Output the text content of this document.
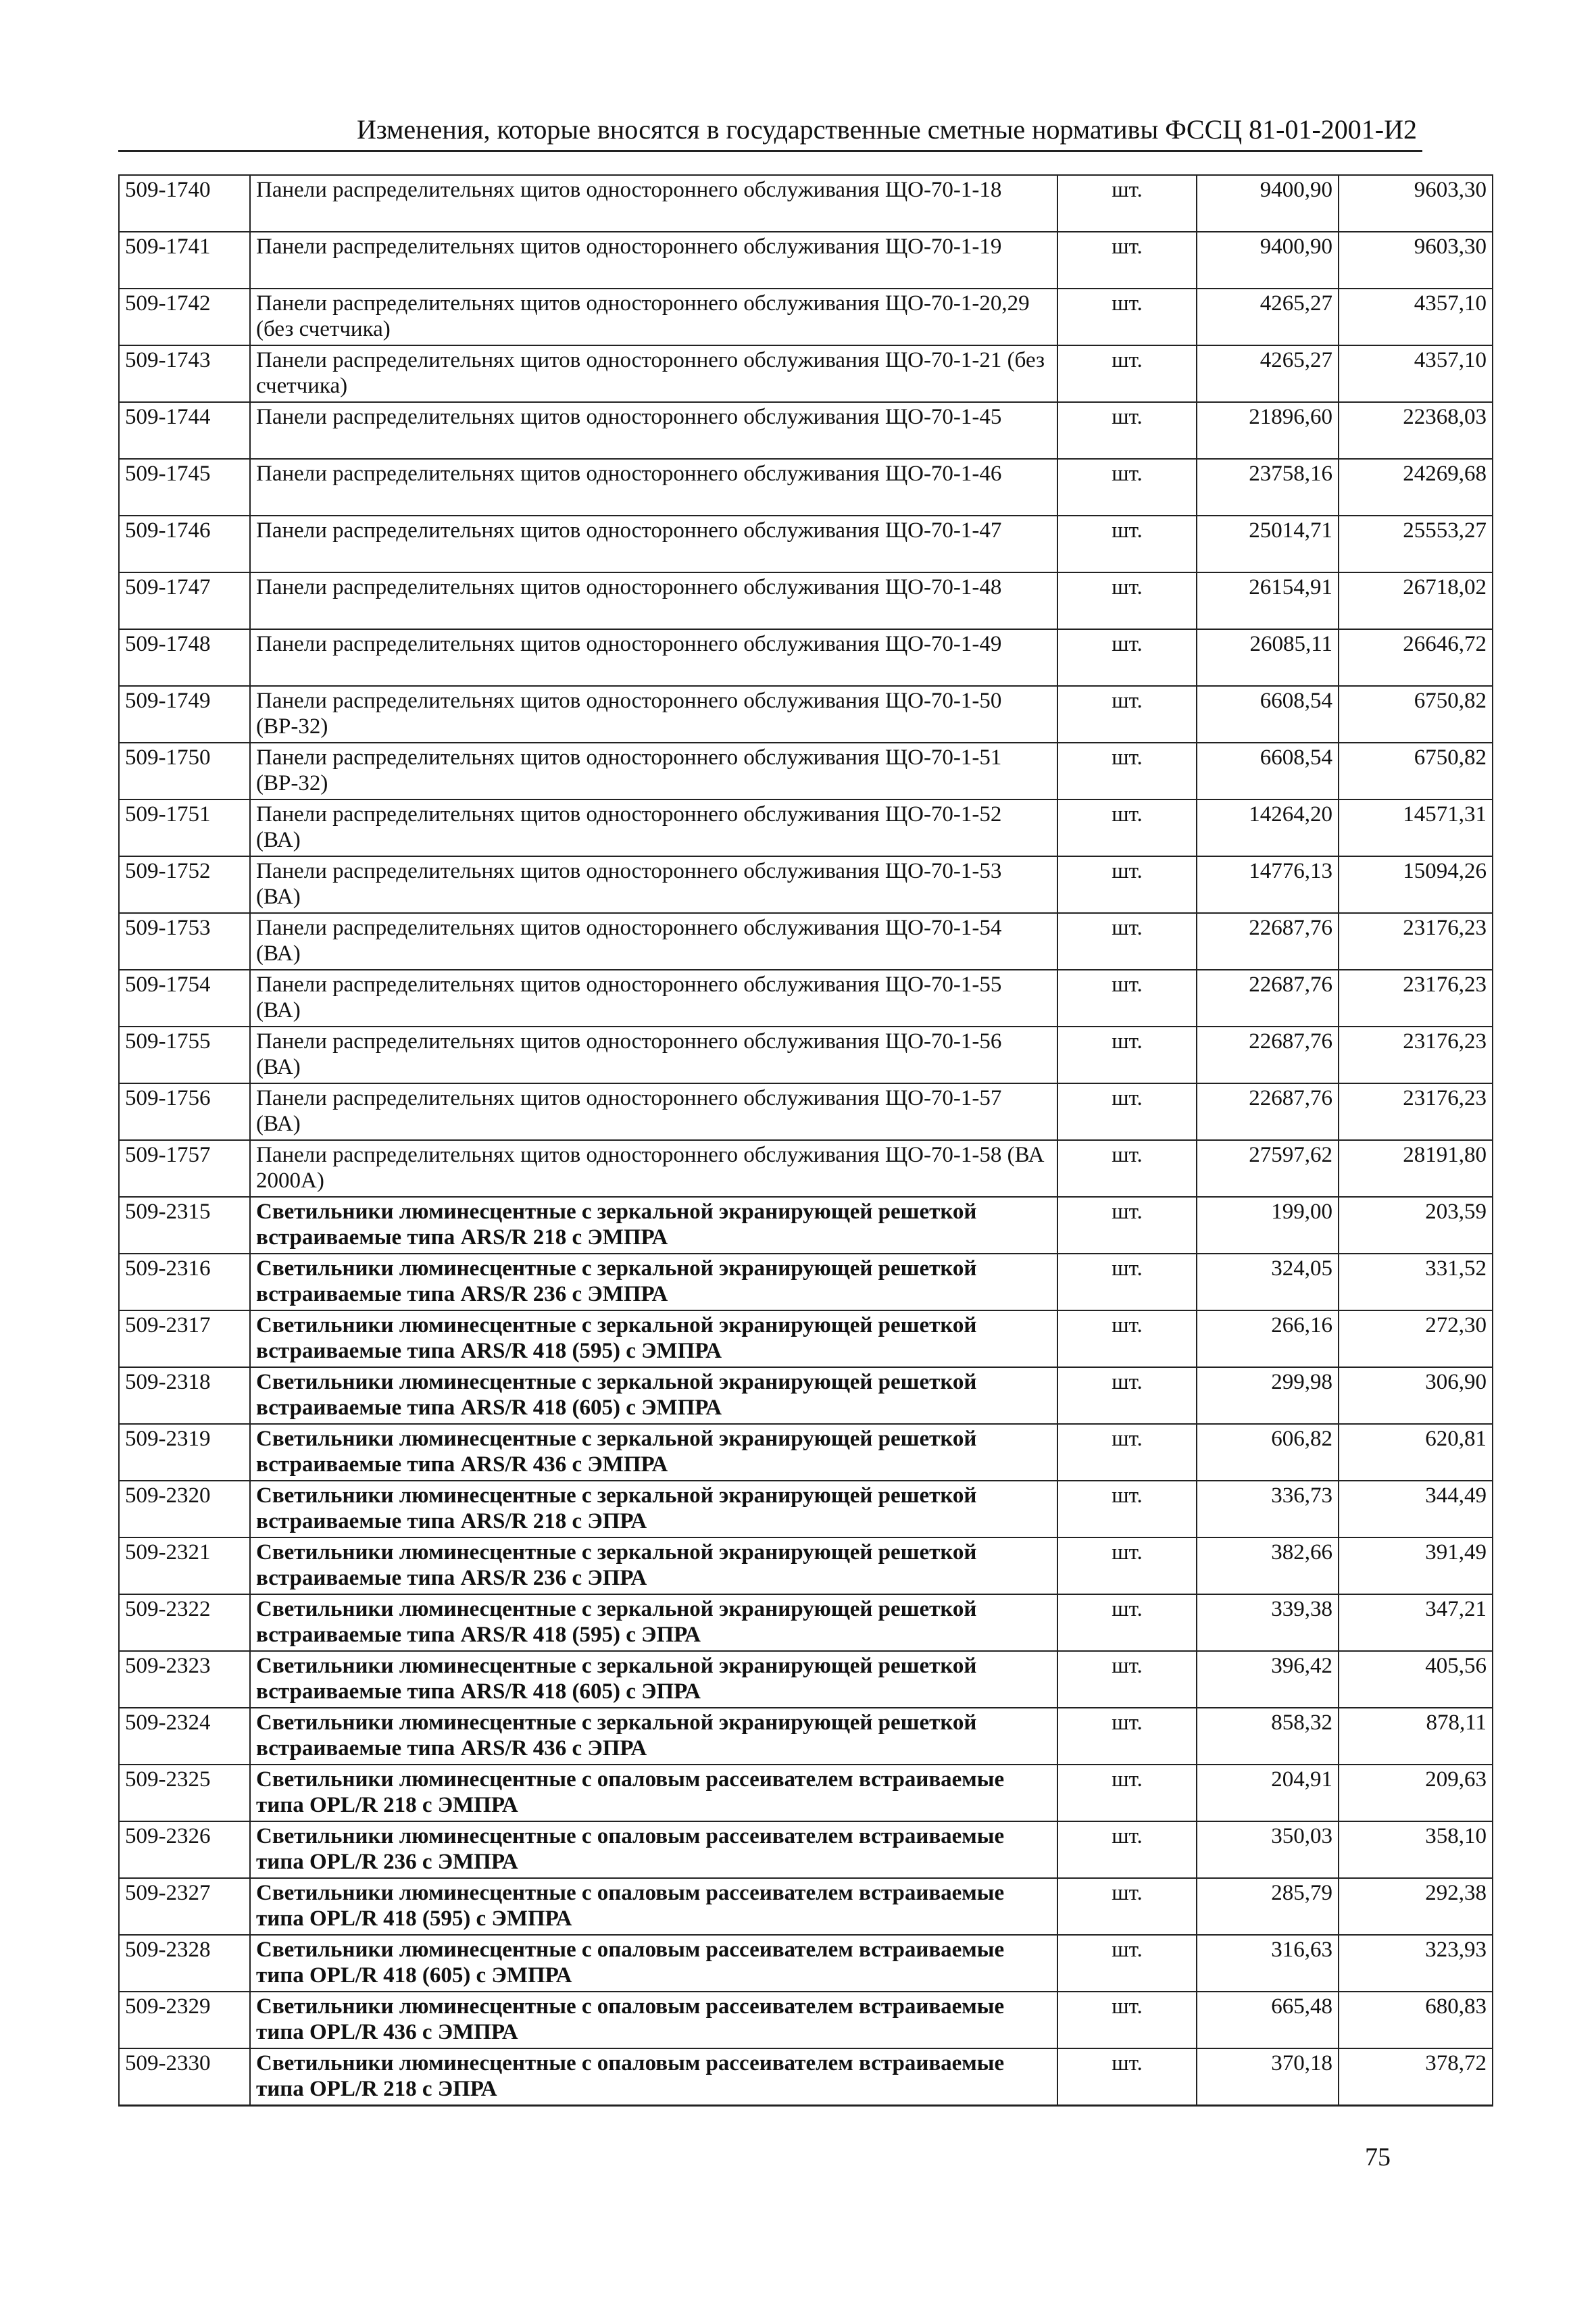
Изменения, которые вносятся в государственные сметные нормативы ФССЦ 81-01-2001-И2
509-1740	Панели распределительнях щитов одностороннего обслуживания ЩО-70-1-18	шт.	9400,90	9603,30
509-1741	Панели распределительнях щитов одностороннего обслуживания ЩО-70-1-19	шт.	9400,90	9603,30
509-1742	Панели распределительнях щитов одностороннего обслуживания ЩО-70-1-20,29 (без счетчика)	шт.	4265,27	4357,10
509-1743	Панели распределительнях щитов одностороннего обслуживания ЩО-70-1-21 (без счетчика)	шт.	4265,27	4357,10
509-1744	Панели распределительнях щитов одностороннего обслуживания ЩО-70-1-45	шт.	21896,60	22368,03
509-1745	Панели распределительнях щитов одностороннего обслуживания ЩО-70-1-46	шт.	23758,16	24269,68
509-1746	Панели распределительнях щитов одностороннего обслуживания ЩО-70-1-47	шт.	25014,71	25553,27
509-1747	Панели распределительнях щитов одностороннего обслуживания ЩО-70-1-48	шт.	26154,91	26718,02
509-1748	Панели распределительнях щитов одностороннего обслуживания ЩО-70-1-49	шт.	26085,11	26646,72
509-1749	Панели распределительнях щитов одностороннего обслуживания ЩО-70-1-50 (ВР-32)	шт.	6608,54	6750,82
509-1750	Панели распределительнях щитов одностороннего обслуживания ЩО-70-1-51 (ВР-32)	шт.	6608,54	6750,82
509-1751	Панели распределительнях щитов одностороннего обслуживания ЩО-70-1-52 (ВА)	шт.	14264,20	14571,31
509-1752	Панели распределительнях щитов одностороннего обслуживания ЩО-70-1-53 (ВА)	шт.	14776,13	15094,26
509-1753	Панели распределительнях щитов одностороннего обслуживания ЩО-70-1-54 (ВА)	шт.	22687,76	23176,23
509-1754	Панели распределительнях щитов одностороннего обслуживания ЩО-70-1-55 (ВА)	шт.	22687,76	23176,23
509-1755	Панели распределительнях щитов одностороннего обслуживания ЩО-70-1-56 (ВА)	шт.	22687,76	23176,23
509-1756	Панели распределительнях щитов одностороннего обслуживания ЩО-70-1-57 (ВА)	шт.	22687,76	23176,23
509-1757	Панели распределительнях щитов одностороннего обслуживания ЩО-70-1-58 (ВА 2000А)	шт.	27597,62	28191,80
509-2315	Светильники люминесцентные с зеркальной экранирующей решеткой встраиваемые типа ARS/R 218 с ЭМПРА	шт.	199,00	203,59
509-2316	Светильники люминесцентные с зеркальной экранирующей решеткой встраиваемые типа ARS/R 236 с ЭМПРА	шт.	324,05	331,52
509-2317	Светильники люминесцентные с зеркальной экранирующей решеткой встраиваемые типа ARS/R 418 (595) с ЭМПРА	шт.	266,16	272,30
509-2318	Светильники люминесцентные с зеркальной экранирующей решеткой встраиваемые типа ARS/R 418 (605) с ЭМПРА	шт.	299,98	306,90
509-2319	Светильники люминесцентные с зеркальной экранирующей решеткой встраиваемые типа ARS/R 436 с ЭМПРА	шт.	606,82	620,81
509-2320	Светильники люминесцентные с зеркальной экранирующей решеткой встраиваемые типа ARS/R 218 с ЭПРА	шт.	336,73	344,49
509-2321	Светильники люминесцентные с зеркальной экранирующей решеткой встраиваемые типа ARS/R 236 с ЭПРА	шт.	382,66	391,49
509-2322	Светильники люминесцентные с зеркальной экранирующей решеткой встраиваемые типа ARS/R 418 (595) с ЭПРА	шт.	339,38	347,21
509-2323	Светильники люминесцентные с зеркальной экранирующей решеткой встраиваемые типа ARS/R 418 (605) с ЭПРА	шт.	396,42	405,56
509-2324	Светильники люминесцентные с зеркальной экранирующей решеткой встраиваемые типа ARS/R 436 с ЭПРА	шт.	858,32	878,11
509-2325	Светильники люминесцентные с опаловым рассеивателем встраиваемые типа OPL/R 218 с ЭМПРА	шт.	204,91	209,63
509-2326	Светильники люминесцентные с опаловым рассеивателем встраиваемые типа OPL/R 236 с ЭМПРА	шт.	350,03	358,10
509-2327	Светильники люминесцентные с опаловым рассеивателем встраиваемые типа OPL/R 418 (595) с ЭМПРА	шт.	285,79	292,38
509-2328	Светильники люминесцентные с опаловым рассеивателем встраиваемые типа OPL/R 418 (605) с ЭМПРА	шт.	316,63	323,93
509-2329	Светильники люминесцентные с опаловым рассеивателем встраиваемые типа OPL/R 436 с ЭМПРА	шт.	665,48	680,83
509-2330	Светильники люминесцентные с опаловым рассеивателем встраиваемые типа OPL/R 218 с ЭПРА	шт.	370,18	378,72
75
